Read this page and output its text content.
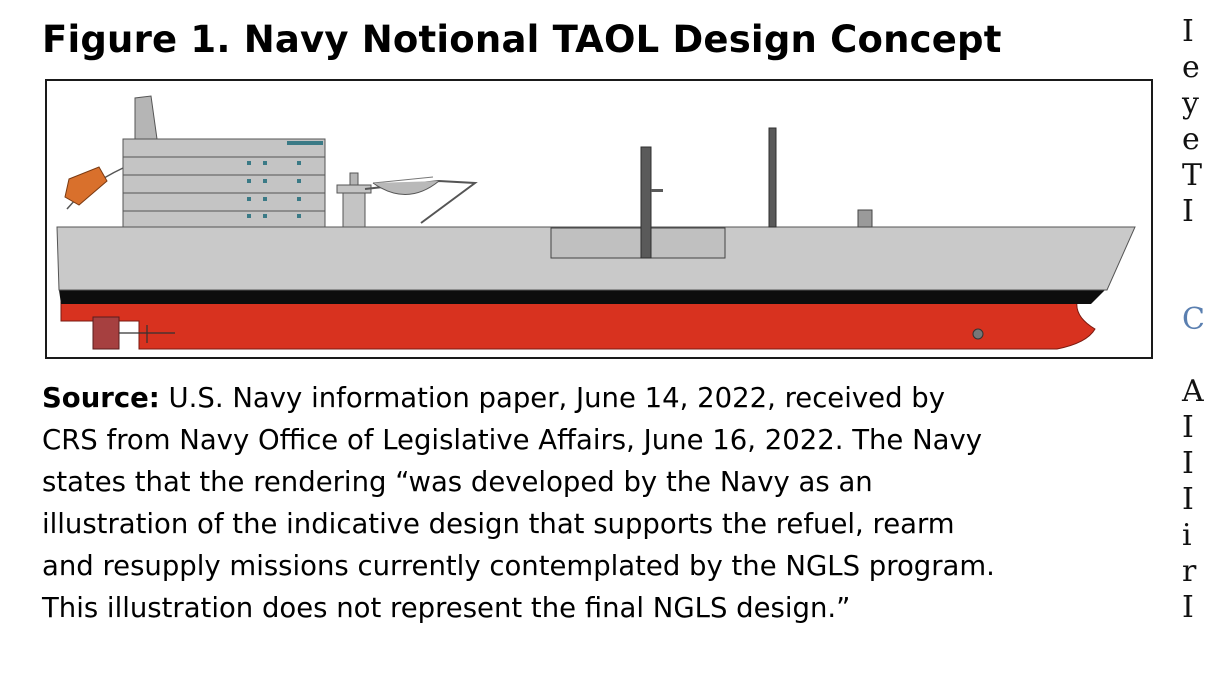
Figure 1. Navy Notional TAOL Design Concept
Source: U.S. Navy information paper, June 14, 2022, received by
CRS from Navy Office of Legislative Affairs, June 16, 2022. The Navy
states that the rendering “was developed by the Navy as an
illustration of the indicative design that supports the refuel, rearm
and resupply missions currently contemplated by the NGLS program.
This illustration does not represent the final NGLS design.”
I
e
y
e
T
I
C
A
I
I
I
i
r
I
